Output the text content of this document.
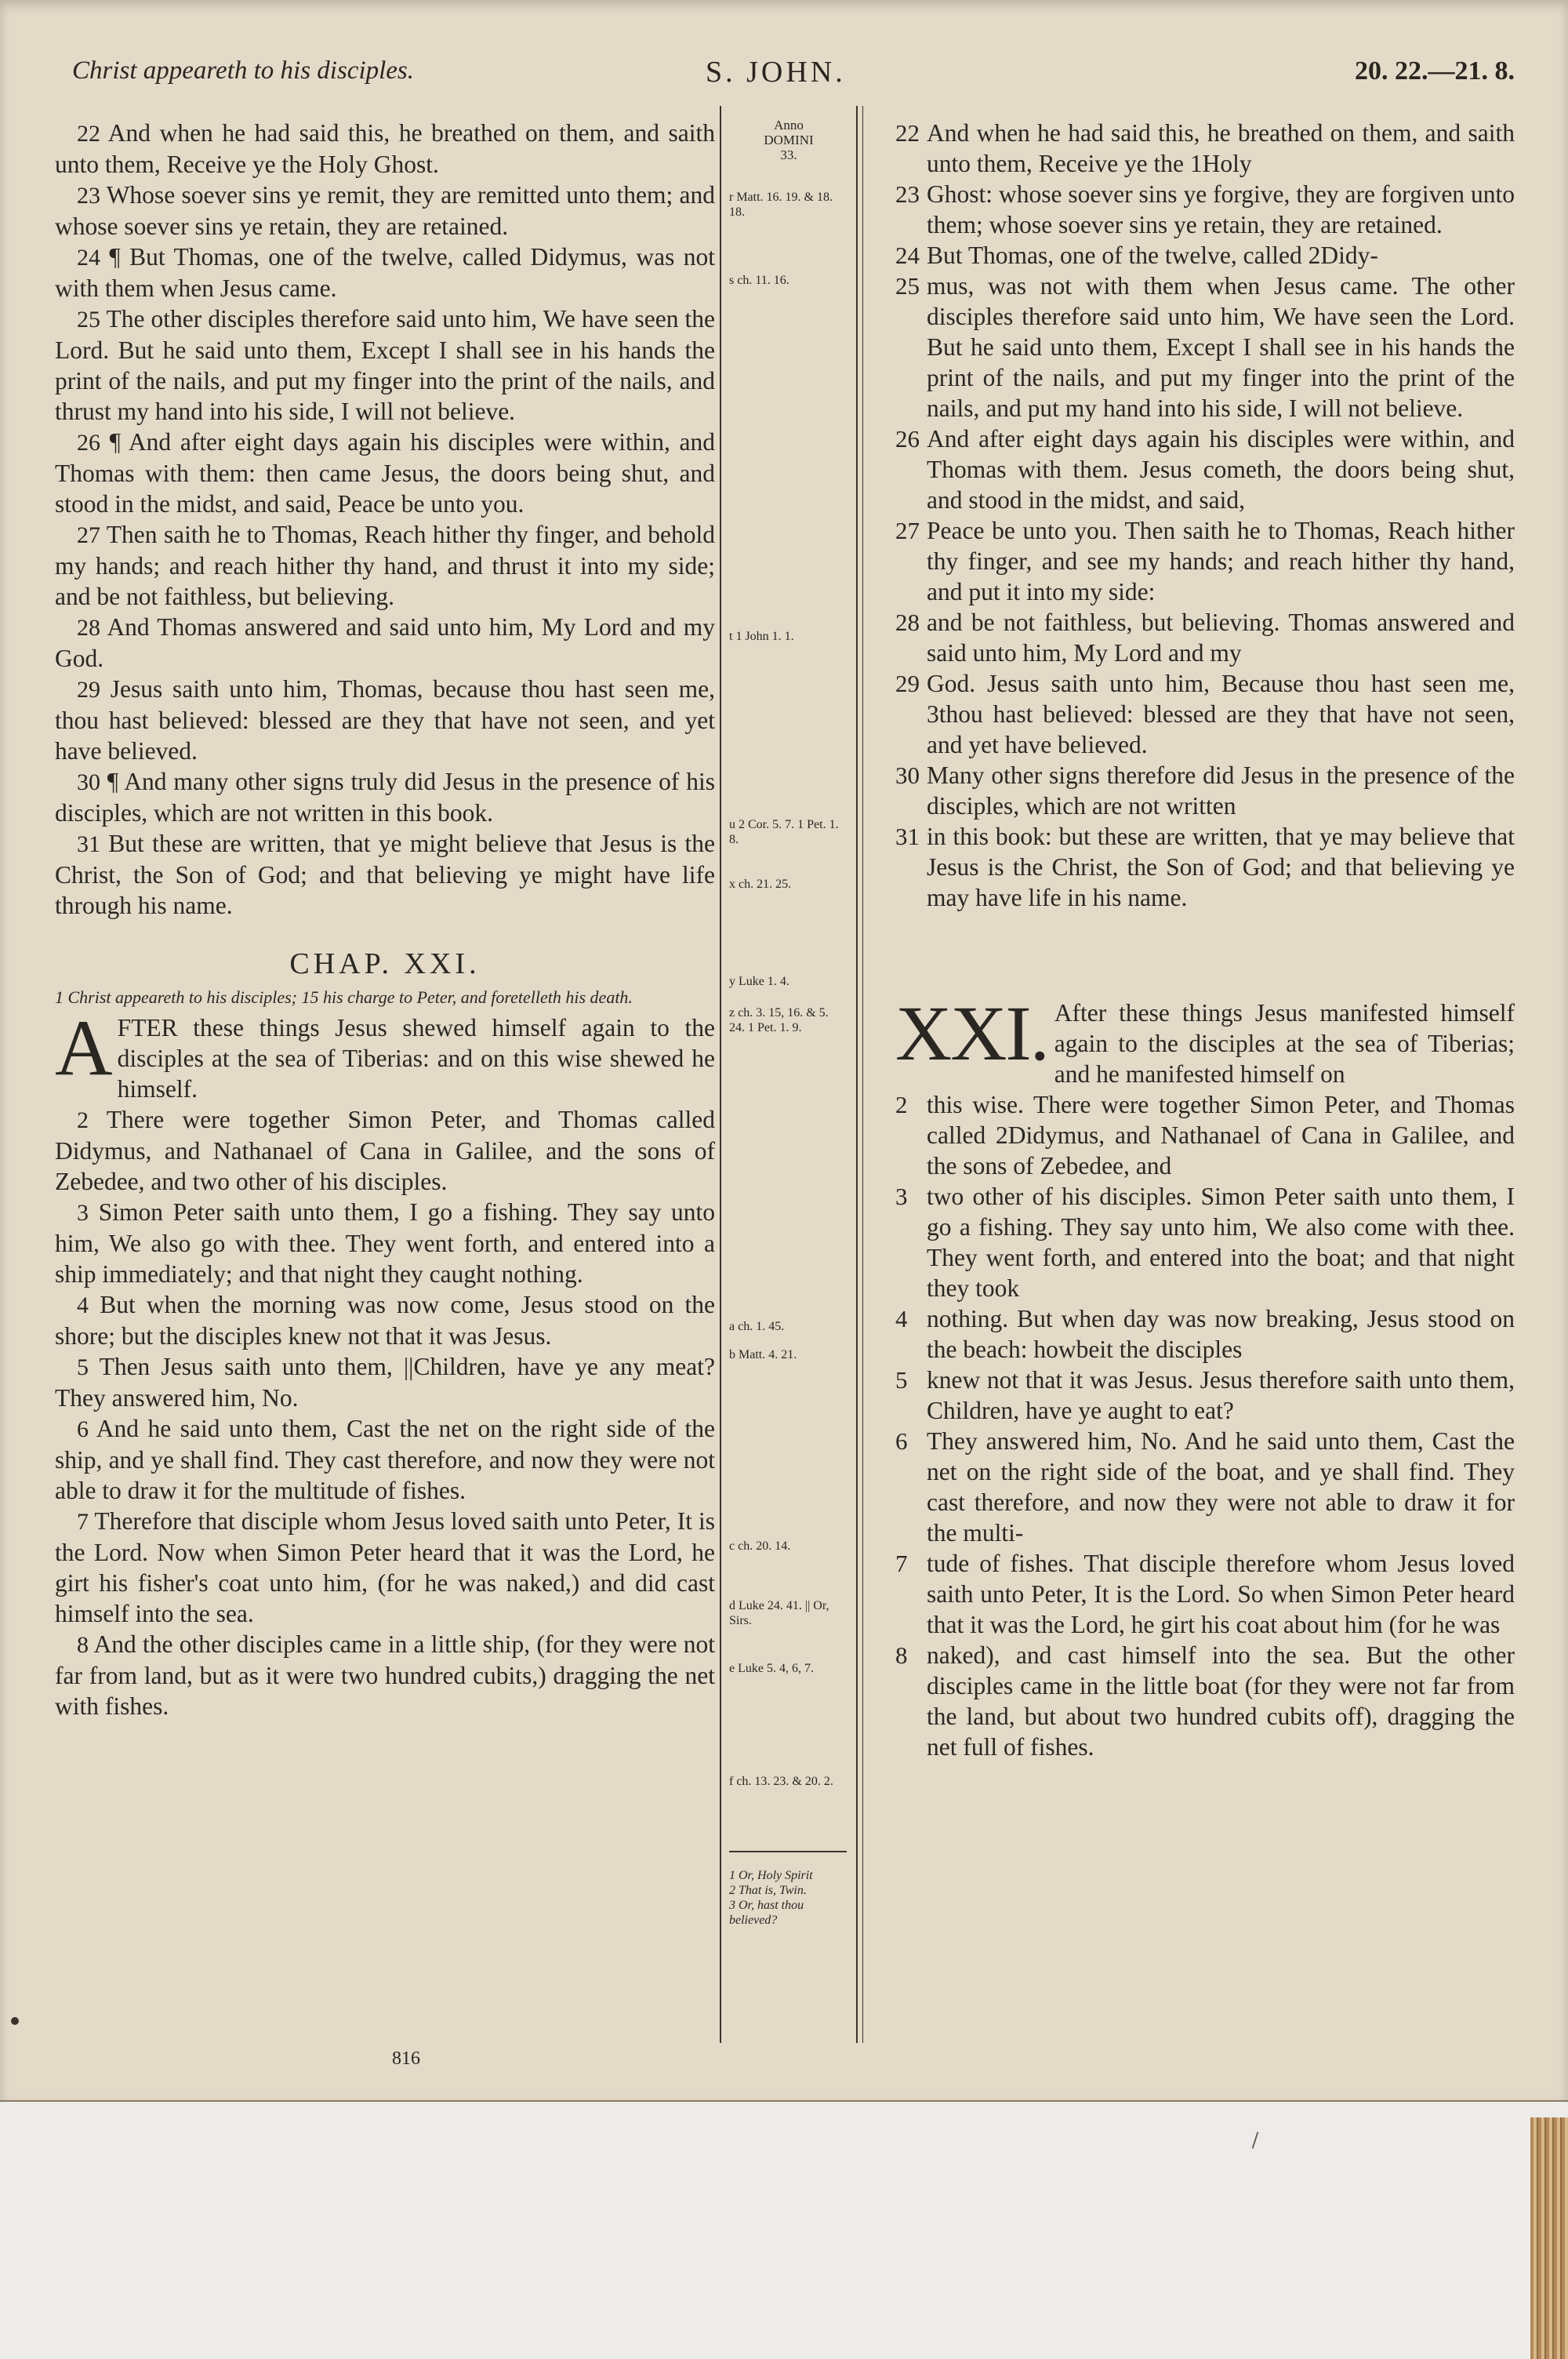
Christ appeareth to his disciples.	S. JOHN.	20. 22.—21. 8.

22 And when he had said this, he breathed on them, and saith unto them, Receive ye the Holy Ghost.

23 Whose soever sins ye remit, they are remitted unto them; and whose soever sins ye retain, they are retained.

24 ¶ But Thomas, one of the twelve, called Didymus, was not with them when Jesus came.

25 The other disciples therefore said unto him, We have seen the Lord. But he said unto them, Except I shall see in his hands the print of the nails, and put my finger into the print of the nails, and thrust my hand into his side, I will not believe.

26 ¶ And after eight days again his disciples were within, and Thomas with them: then came Jesus, the doors being shut, and stood in the midst, and said, Peace be unto you.

27 Then saith he to Thomas, Reach hither thy finger, and behold my hands; and reach hither thy hand, and thrust it into my side; and be not faithless, but believing.

28 And Thomas answered and said unto him, My Lord and my God.

29 Jesus saith unto him, Thomas, because thou hast seen me, thou hast believed: blessed are they that have not seen, and yet have believed.

30 ¶ And many other signs truly did Jesus in the presence of his disciples, which are not written in this book.

31 But these are written, that ye might believe that Jesus is the Christ, the Son of God; and that believing ye might have life through his name.

CHAP. XXI.

1 Christ appeareth to his disciples; 15 his charge to Peter, and foretelleth his death.

A FTER these things Jesus shewed himself again to the disciples at the sea of Tiberias: and on this wise shewed he himself.

2 There were together Simon Peter, and Thomas called Didymus, and Nathanael of Cana in Galilee, and the sons of Zebedee, and two other of his disciples.

3 Simon Peter saith unto them, I go a fishing. They say unto him, We also go with thee. They went forth, and entered into a ship immediately; and that night they caught nothing.

4 But when the morning was now come, Jesus stood on the shore; but the disciples knew not that it was Jesus.

5 Then Jesus saith unto them, ||Children, have ye any meat? They answered him, No.

6 And he said unto them, Cast the net on the right side of the ship, and ye shall find. They cast therefore, and now they were not able to draw it for the multitude of fishes.

7 Therefore that disciple whom Jesus loved saith unto Peter, It is the Lord. Now when Simon Peter heard that it was the Lord, he girt his fisher's coat unto him, (for he was naked,) and did cast himself into the sea.

8 And the other disciples came in a little ship, (for they were not far from land, but as it were two hundred cubits,) dragging the net with fishes.

816
Anno
DOMINI
33.
r Matt. 16. 19. & 18. 18.
s ch. 11. 16.
t 1 John 1. 1.
u 2 Cor. 5. 7. 1 Pet. 1. 8.
x ch. 21. 25.
y Luke 1. 4.
z ch. 3. 15, 16. & 5. 24. 1 Pet. 1. 9.
a ch. 1. 45.
b Matt. 4. 21.
c ch. 20. 14.
d Luke 24. 41. || Or, Sirs.
e Luke 5. 4, 6, 7.
f ch. 13. 23. & 20. 2.
1 Or, Holy Spirit
2 That is, Twin.
3 Or, hast thou believed?

22 And when he had said this, he breathed on them, and saith unto them, Receive ye the 1Holy

23 Ghost: whose soever sins ye forgive, they are forgiven unto them; whose soever sins ye retain, they are retained.

24 But Thomas, one of the twelve, called 2Didy-

25 mus, was not with them when Jesus came. The other disciples therefore said unto him, We have seen the Lord. But he said unto them, Except I shall see in his hands the print of the nails, and put my finger into the print of the nails, and put my hand into his side, I will not believe.

26 And after eight days again his disciples were within, and Thomas with them. Jesus cometh, the doors being shut, and stood in the midst, and said,

27 Peace be unto you. Then saith he to Thomas, Reach hither thy finger, and see my hands; and reach hither thy hand, and put it into my side:

28 and be not faithless, but believing. Thomas answered and said unto him, My Lord and my

29 God. Jesus saith unto him, Because thou hast seen me, 3thou hast believed: blessed are they that have not seen, and yet have believed.

30 Many other signs therefore did Jesus in the presence of the disciples, which are not written

31 in this book: but these are written, that ye may believe that Jesus is the Christ, the Son of God; and that believing ye may have life in his name.

XXI. After these things Jesus manifested himself again to the disciples at the sea of Tiberias; and he manifested himself on

2 this wise. There were together Simon Peter, and Thomas called 2Didymus, and Nathanael of Cana in Galilee, and the sons of Zebedee, and

3 two other of his disciples. Simon Peter saith unto them, I go a fishing. They say unto him, We also come with thee. They went forth, and entered into the boat; and that night they took

4 nothing. But when day was now breaking, Jesus stood on the beach: howbeit the disciples

5 knew not that it was Jesus. Jesus therefore saith unto them, Children, have ye aught to eat?

6 They answered him, No. And he said unto them, Cast the net on the right side of the boat, and ye shall find. They cast therefore, and now they were not able to draw it for the multi-

7 tude of fishes. That disciple therefore whom Jesus loved saith unto Peter, It is the Lord. So when Simon Peter heard that it was the Lord, he girt his coat about him (for he was

8 naked), and cast himself into the sea. But the other disciples came in the little boat (for they were not far from the land, but about two hundred cubits off), dragging the net full of fishes.
